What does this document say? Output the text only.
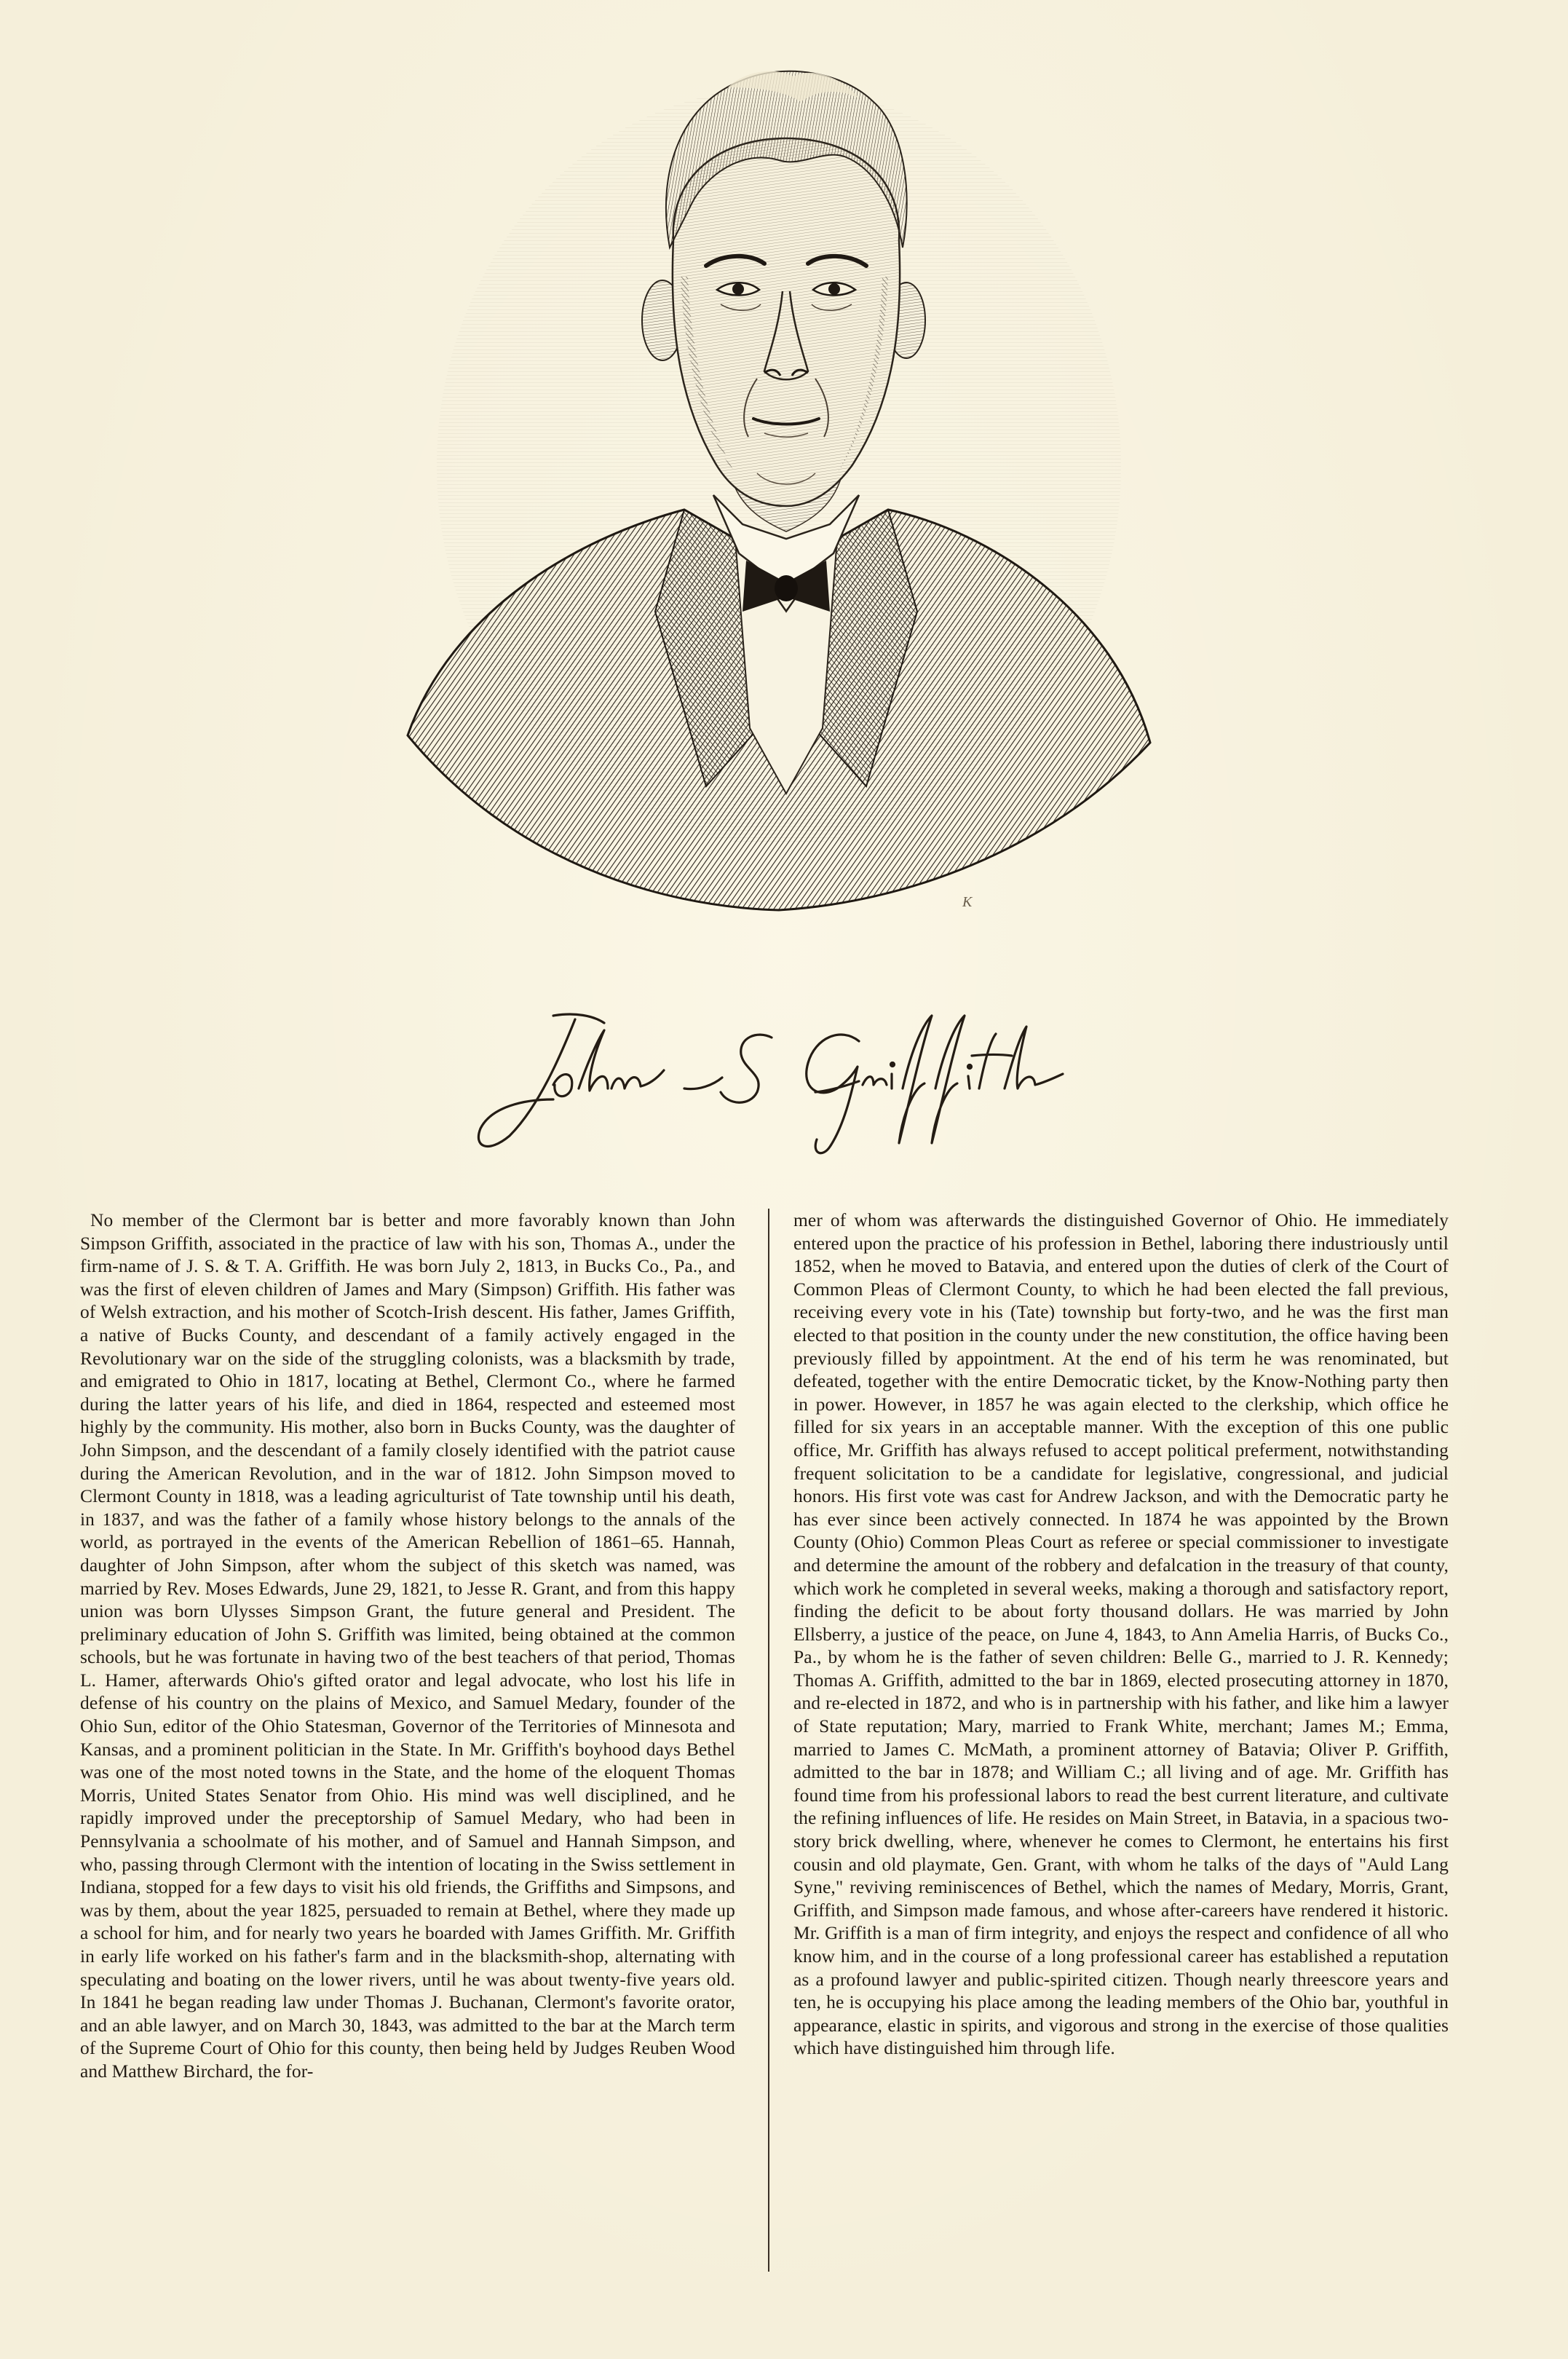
K

No member of the Clermont bar is better and more favorably known than John Simpson Griffith, associated in the practice of law with his son, Thomas A., under the firm-name of J. S. & T. A. Griffith. He was born July 2, 1813, in Bucks Co., Pa., and was the first of eleven children of James and Mary (Simpson) Griffith. His father was of Welsh extraction, and his mother of Scotch-Irish descent. His father, James Griffith, a native of Bucks County, and descendant of a family actively engaged in the Revolutionary war on the side of the struggling colonists, was a blacksmith by trade, and emigrated to Ohio in 1817, locating at Bethel, Clermont Co., where he farmed during the latter years of his life, and died in 1864, respected and esteemed most highly by the community. His mother, also born in Bucks County, was the daughter of John Simpson, and the descendant of a family closely identified with the patriot cause during the American Revolution, and in the war of 1812. John Simpson moved to Clermont County in 1818, was a leading agriculturist of Tate township until his death, in 1837, and was the father of a family whose history belongs to the annals of the world, as portrayed in the events of the American Rebellion of 1861–65. Hannah, daughter of John Simpson, after whom the subject of this sketch was named, was married by Rev. Moses Edwards, June 29, 1821, to Jesse R. Grant, and from this happy union was born Ulysses Simpson Grant, the future general and President. The preliminary education of John S. Griffith was limited, being obtained at the common schools, but he was fortunate in having two of the best teachers of that period, Thomas L. Hamer, afterwards Ohio's gifted orator and legal advocate, who lost his life in defense of his country on the plains of Mexico, and Samuel Medary, founder of the Ohio Sun, editor of the Ohio Statesman, Governor of the Territories of Minnesota and Kansas, and a prominent politician in the State. In Mr. Griffith's boyhood days Bethel was one of the most noted towns in the State, and the home of the eloquent Thomas Morris, United States Senator from Ohio. His mind was well disciplined, and he rapidly improved under the preceptorship of Samuel Medary, who had been in Pennsylvania a schoolmate of his mother, and of Samuel and Hannah Simpson, and who, passing through Clermont with the intention of locating in the Swiss settlement in Indiana, stopped for a few days to visit his old friends, the Griffiths and Simpsons, and was by them, about the year 1825, persuaded to remain at Bethel, where they made up a school for him, and for nearly two years he boarded with James Griffith. Mr. Griffith in early life worked on his father's farm and in the blacksmith-shop, alternating with speculating and boating on the lower rivers, until he was about twenty-five years old. In 1841 he began reading law under Thomas J. Buchanan, Clermont's favorite orator, and an able lawyer, and on March 30, 1843, was admitted to the bar at the March term of the Supreme Court of Ohio for this county, then being held by Judges Reuben Wood and Matthew Birchard, the for-

mer of whom was afterwards the distinguished Governor of Ohio. He immediately entered upon the practice of his profession in Bethel, laboring there industriously until 1852, when he moved to Batavia, and entered upon the duties of clerk of the Court of Common Pleas of Clermont County, to which he had been elected the fall previous, receiving every vote in his (Tate) township but forty-two, and he was the first man elected to that position in the county under the new constitution, the office having been previously filled by appointment. At the end of his term he was renominated, but defeated, together with the entire Democratic ticket, by the Know-Nothing party then in power. However, in 1857 he was again elected to the clerkship, which office he filled for six years in an acceptable manner. With the exception of this one public office, Mr. Griffith has always refused to accept political preferment, notwithstanding frequent solicitation to be a candidate for legislative, congressional, and judicial honors. His first vote was cast for Andrew Jackson, and with the Democratic party he has ever since been actively connected. In 1874 he was appointed by the Brown County (Ohio) Common Pleas Court as referee or special commissioner to investigate and determine the amount of the robbery and defalcation in the treasury of that county, which work he completed in several weeks, making a thorough and satisfactory report, finding the deficit to be about forty thousand dollars. He was married by John Ellsberry, a justice of the peace, on June 4, 1843, to Ann Amelia Harris, of Bucks Co., Pa., by whom he is the father of seven children: Belle G., married to J. R. Kennedy; Thomas A. Griffith, admitted to the bar in 1869, elected prosecuting attorney in 1870, and re-elected in 1872, and who is in partnership with his father, and like him a lawyer of State reputation; Mary, married to Frank White, merchant; James M.; Emma, married to James C. McMath, a prominent attorney of Batavia; Oliver P. Griffith, admitted to the bar in 1878; and William C.; all living and of age. Mr. Griffith has found time from his professional labors to read the best current literature, and cultivate the refining influences of life. He resides on Main Street, in Batavia, in a spacious two-story brick dwelling, where, whenever he comes to Clermont, he entertains his first cousin and old playmate, Gen. Grant, with whom he talks of the days of "Auld Lang Syne," reviving reminiscences of Bethel, which the names of Medary, Morris, Grant, Griffith, and Simpson made famous, and whose after-careers have rendered it historic. Mr. Griffith is a man of firm integrity, and enjoys the respect and confidence of all who know him, and in the course of a long professional career has established a reputation as a profound lawyer and public-spirited citizen. Though nearly threescore years and ten, he is occupying his place among the leading members of the Ohio bar, youthful in appearance, elastic in spirits, and vigorous and strong in the exercise of those qualities which have distinguished him through life.
